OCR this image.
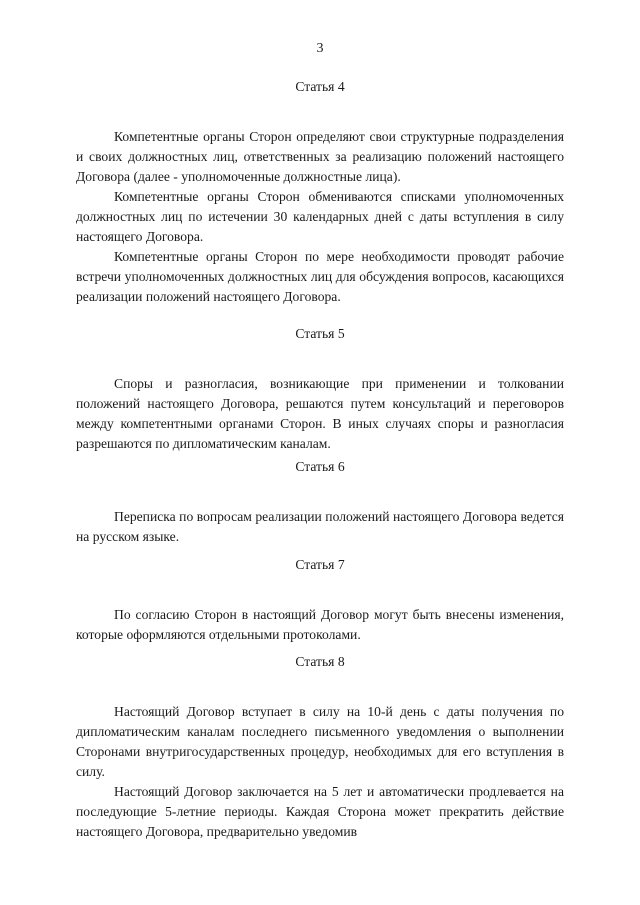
3

Статья 4

Компетентные органы Сторон определяют свои структурные подразделения и своих должностных лиц, ответственных за реализацию положений настоящего Договора (далее - уполномоченные должностные лица).

Компетентные органы Сторон обмениваются списками уполномоченных должностных лиц по истечении 30 календарных дней с даты вступления в силу настоящего Договора.

Компетентные органы Сторон по мере необходимости проводят рабочие встречи уполномоченных должностных лиц для обсуждения вопросов, касающихся реализации положений настоящего Договора.

Статья 5

Споры и разногласия, возникающие при применении и толковании положений настоящего Договора, решаются путем консультаций и переговоров между компетентными органами Сторон. В иных случаях споры и разногласия разрешаются по дипломатическим каналам.

Статья 6

Переписка по вопросам реализации положений настоящего Договора ведется на русском языке.

Статья 7

По согласию Сторон в настоящий Договор могут быть внесены изменения, которые оформляются отдельными протоколами.

Статья 8

Настоящий Договор вступает в силу на 10-й день с даты получения по дипломатическим каналам последнего письменного уведомления о выполнении Сторонами внутригосударственных процедур, необходимых для его вступления в силу.

Настоящий Договор заключается на 5 лет и автоматически продлевается на последующие 5-летние периоды. Каждая Сторона может прекратить действие настоящего Договора, предварительно уведомив
